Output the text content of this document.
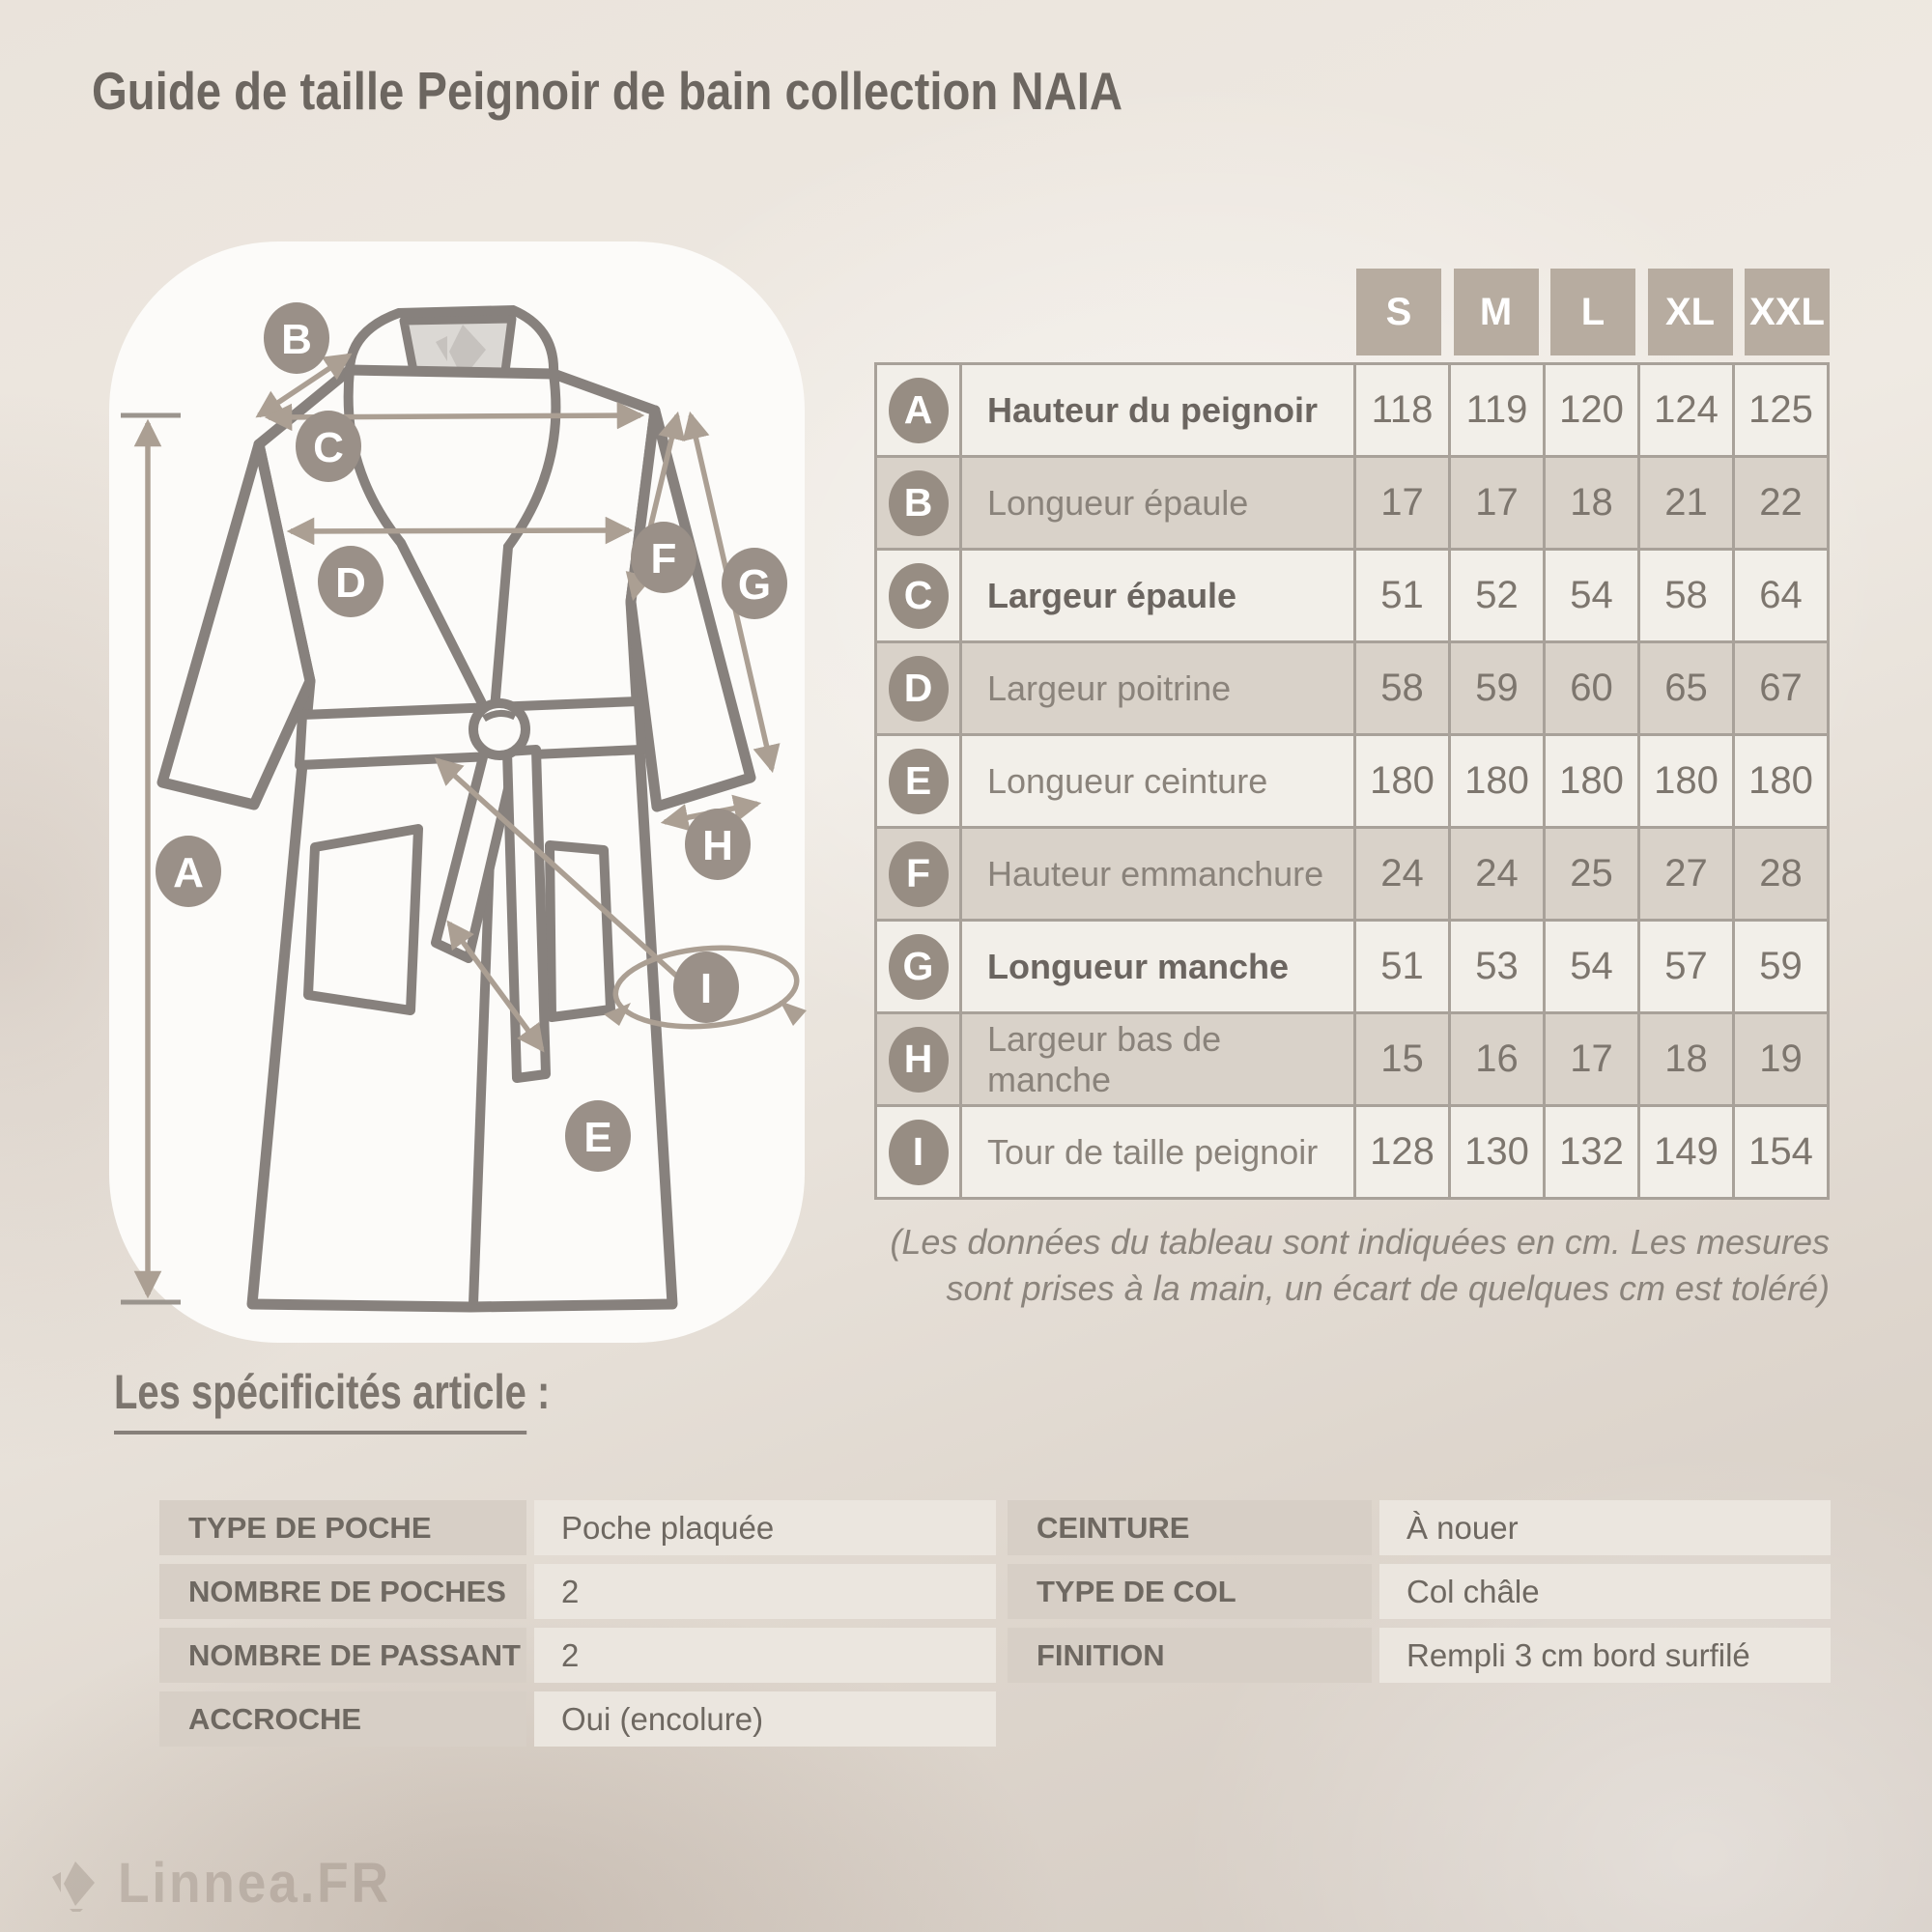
Guide de taille Peignoir de bain collection NAIA
A
B
C
D
E
F
G
H
I
S	M	L	XL XXL
A	Hauteur du peignoir	118 119 120 124 125
B	Longueur épaule	17	17	18	21	22
C	Largeur épaule	51	52	54	58	64
D	Largeur poitrine	58	59	60	65	67
E	Longueur ceinture	180 180 180 180 180
F	Hauteur emmanchure	24	24	25	27	28
G	Longueur manche	51	53	54	57	59
H	Largeur bas de manche	15	16	17	18	19
I	Tour de taille peignoir	128 130 132 149 154
(Les données du tableau sont indiquées en cm. Les mesures
sont prises à la main, un écart de quelques cm est toléré)
Les spécificités article :
TYPE DE POCHE	Poche plaquée
NOMBRE DE POCHES	2
NOMBRE DE PASSANT	2
ACCROCHE	Oui (encolure)
CEINTURE	À nouer
TYPE DE COL	Col châle
FINITION	Rempli 3 cm bord surfilé
Linnea.FR
